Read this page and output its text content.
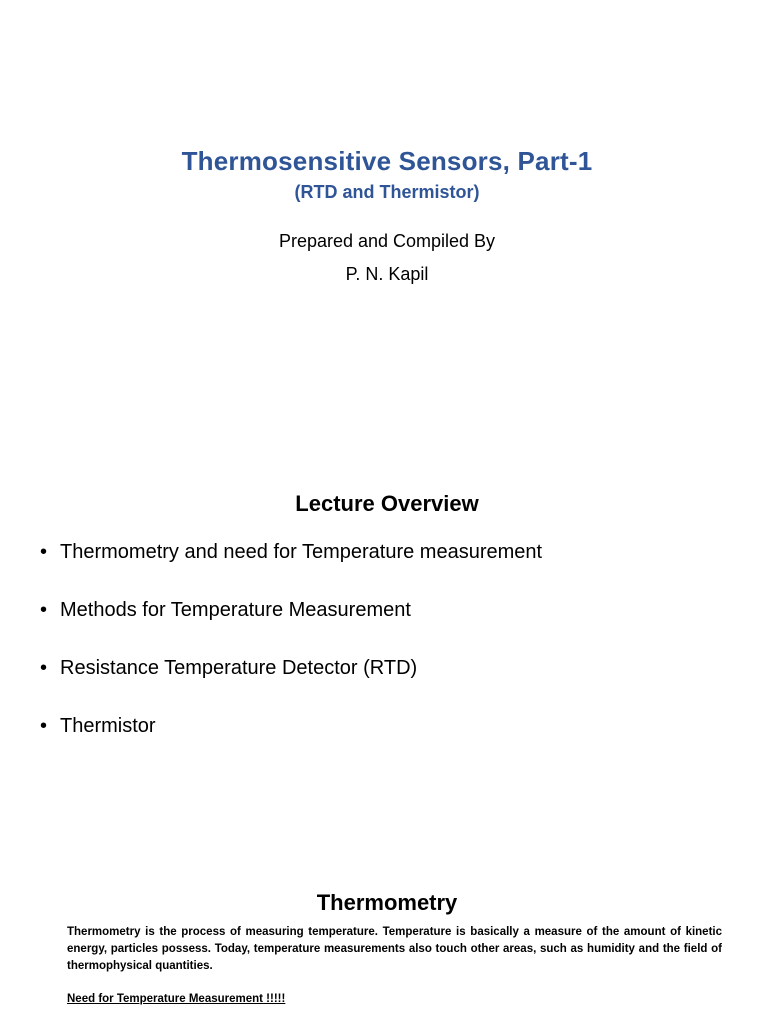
Thermosensitive Sensors, Part-1
(RTD and Thermistor)
Prepared and Compiled By
P. N. Kapil
Lecture Overview
• Thermometry and need for Temperature measurement
• Methods for Temperature Measurement
• Resistance Temperature Detector (RTD)
• Thermistor
Thermometry

Thermometry is the process of measuring temperature. Temperature is basically a measure of the amount of kinetic energy, particles possess. Today, temperature measurements also touch other areas, such as humidity and the field of thermophysical quantities.

Need for Temperature Measurement !!!!!
